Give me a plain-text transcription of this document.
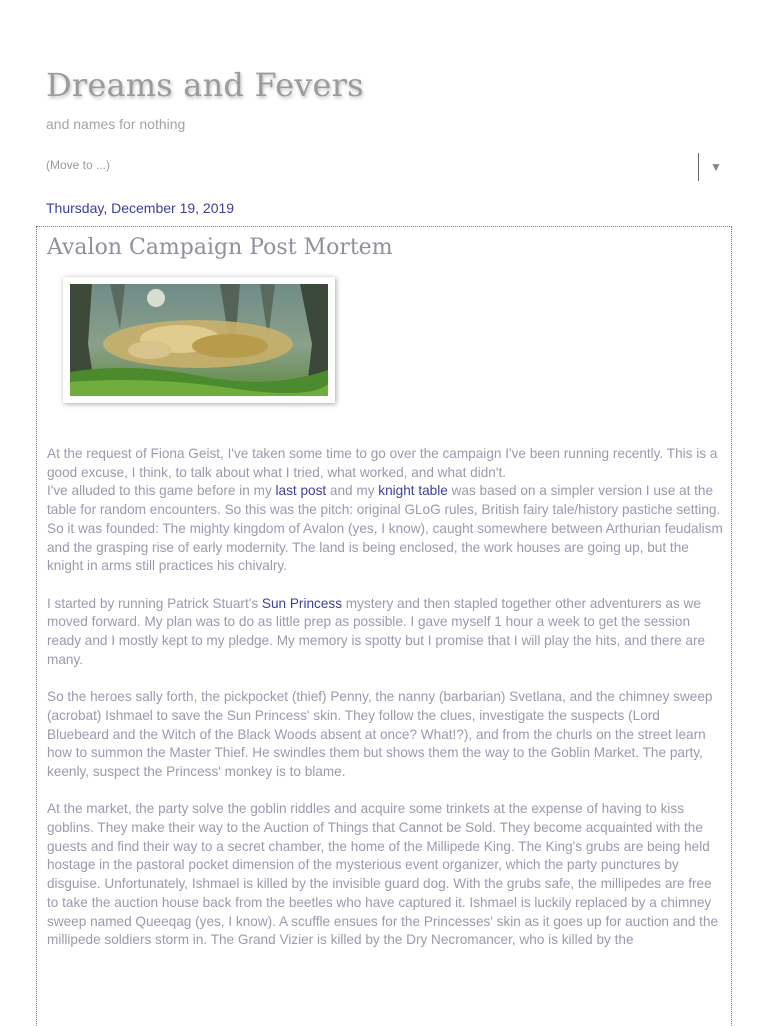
Dreams and Fevers
and names for nothing
(Move to ...)	▼
Thursday, December 19, 2019
Avalon Campaign Post Mortem

At the request of Fiona Geist, I've taken some time to go over the campaign I've been running recently. This is a good excuse, I think, to talk about what I tried, what worked, and what didn't.
I've alluded to this game before in my last post and my knight table was based on a simpler version I use at the table for random encounters. So this was the pitch: original GLoG rules, British fairy tale/history pastiche setting. So it was founded: The mighty kingdom of Avalon (yes, I know), caught somewhere between Arthurian feudalism and the grasping rise of early modernity. The land is being enclosed, the work houses are going up, but the knight in arms still practices his chivalry.

I started by running Patrick Stuart's Sun Princess mystery and then stapled together other adventurers as we moved forward. My plan was to do as little prep as possible. I gave myself 1 hour a week to get the session ready and I mostly kept to my pledge. My memory is spotty but I promise that I will play the hits, and there are many.

So the heroes sally forth, the pickpocket (thief) Penny, the nanny (barbarian) Svetlana, and the chimney sweep (acrobat) Ishmael to save the Sun Princess' skin. They follow the clues, investigate the suspects (Lord Bluebeard and the Witch of the Black Woods absent at once? What!?), and from the churls on the street learn how to summon the Master Thief. He swindles them but shows them the way to the Goblin Market. The party, keenly, suspect the Princess' monkey is to blame.

At the market, the party solve the goblin riddles and acquire some trinkets at the expense of having to kiss goblins. They make their way to the Auction of Things that Cannot be Sold. They become acquainted with the guests and find their way to a secret chamber, the home of the Millipede King. The King's grubs are being held hostage in the pastoral pocket dimension of the mysterious event organizer, which the party punctures by disguise. Unfortunately, Ishmael is killed by the invisible guard dog. With the grubs safe, the millipedes are free to take the auction house back from the beetles who have captured it. Ishmael is luckily replaced by a chimney sweep named Queeqag (yes, I know). A scuffle ensues for the Princesses' skin as it goes up for auction and the millipede soldiers storm in. The Grand Vizier is killed by the Dry Necromancer, who is killed by the
